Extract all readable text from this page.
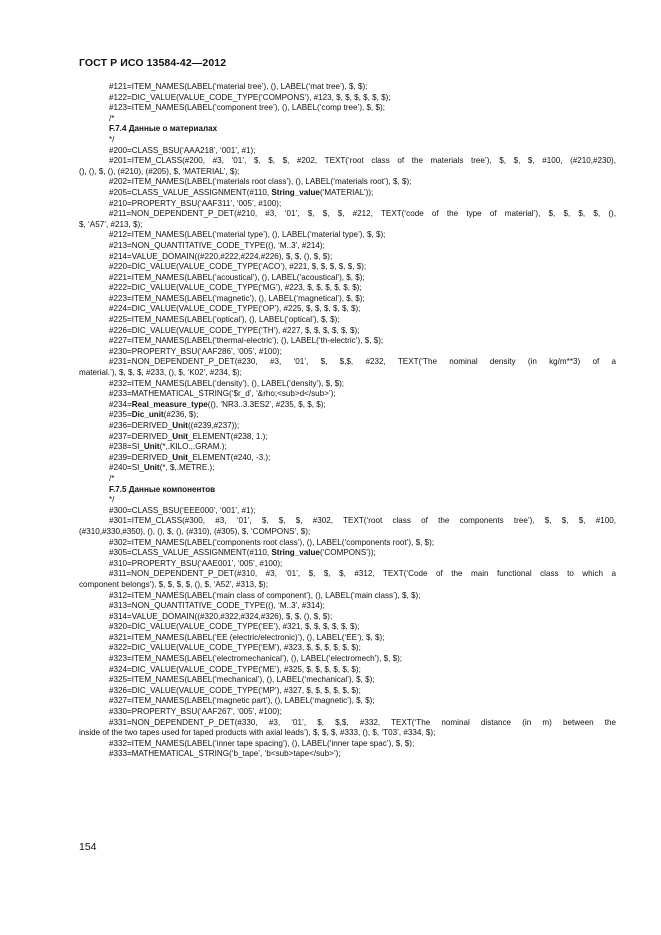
ГОСТ Р ИСО 13584-42—2012
#121=ITEM_NAMES(LABEL(‘material tree’), (), LABEL(‘mat tree’), $, $);
#122=DIC_VALUE(VALUE_CODE_TYPE(‘COMPONS’), #123, $, $, $, $, $, $);
#123=ITEM_NAMES(LABEL(‘component tree’), (), LABEL(‘comp tree’), $, $);
/*
F.7.4 Данные о материалах
*/
#200=CLASS_BSU(‘AAA218’, ‘001’, #1);
#201=ITEM_CLASS(#200, #3, ‘01’, $, $, $, #202, TEXT(‘root class of the materials tree’), $, $, $, #100, (#210,#230),
(), (), $, (), (#210), (#205), $, ‘MATERIAL’, $);
#202=ITEM_NAMES(LABEL(‘materials root class’), (), LABEL(‘materials root’), $, $);
#205=CLASS_VALUE_ASSIGNMENT(#110, String_value(‘MATERIAL’));
#210=PROPERTY_BSU(‘AAF311’, ‘005’, #100);
#211=NON_DEPENDENT_P_DET(#210, #3, ‘01’, $, $, $, #212, TEXT(‘code of the type of material’), $, $, $, $, (),
$, ‘A57’, #213, $);
#212=ITEM_NAMES(LABEL(‘material type’), (), LABEL(‘material type’), $, $);
#213=NON_QUANTITATIVE_CODE_TYPE((), ‘M..3’, #214);
#214=VALUE_DOMAIN((#220,#222,#224,#226), $, $, (), $, $);
#220=DIC_VALUE(VALUE_CODE_TYPE(‘ACO’), #221, $, $, $, $, $, $);
#221=ITEM_NAMES(LABEL(‘acoustical’), (), LABEL(‘acoustical’), $, $);
#222=DIC_VALUE(VALUE_CODE_TYPE(‘MG’), #223, $, $, $, $, $, $);
#223=ITEM_NAMES(LABEL(‘magnetic’), (), LABEL(‘magnetical’), $, $);
#224=DIC_VALUE(VALUE_CODE_TYPE(‘OP’), #225, $, $, $, $, $, $);
#225=ITEM_NAMES(LABEL(‘optical’), (), LABEL(‘optical’), $, $);
#226=DIC_VALUE(VALUE_CODE_TYPE(‘TH’), #227, $, $, $, $, $, $);
#227=ITEM_NAMES(LABEL(‘thermal-electric’), (), LABEL(‘th-electric’), $, $);
#230=PROPERTY_BSU(‘AAF286’, ‘005’, #100);
#231=NON_DEPENDENT_P_DET(#230, #3, ‘01’, $, $,$, #232, TEXT(‘The nominal density (in kg/m**3) of a
material.’), $, $, $, #233, (), $, ‘K02’, #234, $);
#232=ITEM_NAMES(LABEL(‘density’), (), LABEL(‘density’), $, $);
#233=MATHEMATICAL_STRING(‘$r_d’, ‘&rho;<sub>d</sub>’);
#234=Real_measure_type((), ‘NR3..3.3ES2’, #235, $, $, $);
#235=Dic_unit(#236, $);
#236=DERIVED_Unit((#239,#237));
#237=DERIVED_Unit_ELEMENT(#238, 1.);
#238=SI_Unit(*,.KILO.,.GRAM.);
#239=DERIVED_Unit_ELEMENT(#240, -3.);
#240=SI_Unit(*, $,.METRE.);
/*
F.7.5 Данные компонентов
*/
#300=CLASS_BSU(‘EEE000’, ‘001’, #1);
#301=ITEM_CLASS(#300, #3, ‘01’, $, $, $, #302, TEXT(‘root class of the components tree’), $, $, $, #100,
(#310,#330,#350), (), (), $, (), (#310), (#305), $, ‘COMPONS’, $);
#302=ITEM_NAMES(LABEL(‘components root class’), (), LABEL(‘components root’), $, $);
#305=CLASS_VALUE_ASSIGNMENT(#110, String_value(‘COMPONS’));
#310=PROPERTY_BSU(‘AAE001’, ‘005’, #100);
#311=NON_DEPENDENT_P_DET(#310, #3, ‘01’, $, $, $, #312, TEXT(‘Code of the main functional class to which a
component belongs’), $, $, $, $, (), $, ‘A52’, #313, $);
#312=ITEM_NAMES(LABEL(‘main class of component’), (), LABEL(‘main class’), $, $);
#313=NON_QUANTITATIVE_CODE_TYPE((), ‘M..3’, #314);
#314=VALUE_DOMAIN((#320,#322,#324,#326), $, $, (), $, $);
#320=DIC_VALUE(VALUE_CODE_TYPE(‘EE’), #321, $, $, $, $, $, $);
#321=ITEM_NAMES(LABEL(‘EE (electric/electronic)’), (), LABEL(‘EE’), $, $);
#322=DIC_VALUE(VALUE_CODE_TYPE(‘EM’), #323, $, $, $, $, $, $);
#323=ITEM_NAMES(LABEL(‘electromechanical’), (), LABEL(‘electromech’), $, $);
#324=DIC_VALUE(VALUE_CODE_TYPE(‘ME’), #325, $, $, $, $, $, $);
#325=ITEM_NAMES(LABEL(‘mechanical’), (), LABEL(‘mechanical’), $, $);
#326=DIC_VALUE(VALUE_CODE_TYPE(‘MP’), #327, $, $, $, $, $, $);
#327=ITEM_NAMES(LABEL(‘magnetic part’), (), LABEL(‘magnetic’), $, $);
#330=PROPERTY_BSU(‘AAF267’, ‘005’, #100);
#331=NON_DEPENDENT_P_DET(#330, #3, ‘01’, $, $,$, #332, TEXT(‘The nominal distance (in m) between the
inside of the two tapes used for taped products with axial leads’), $, $, $, #333, (), $, ‘T03’, #334, $);
#332=ITEM_NAMES(LABEL(‘inner tape spacing’), (), LABEL(‘inner tape spac’), $, $);
#333=MATHEMATICAL_STRING(‘b_tape’, ‘b<sub>tape</sub>’);
154
